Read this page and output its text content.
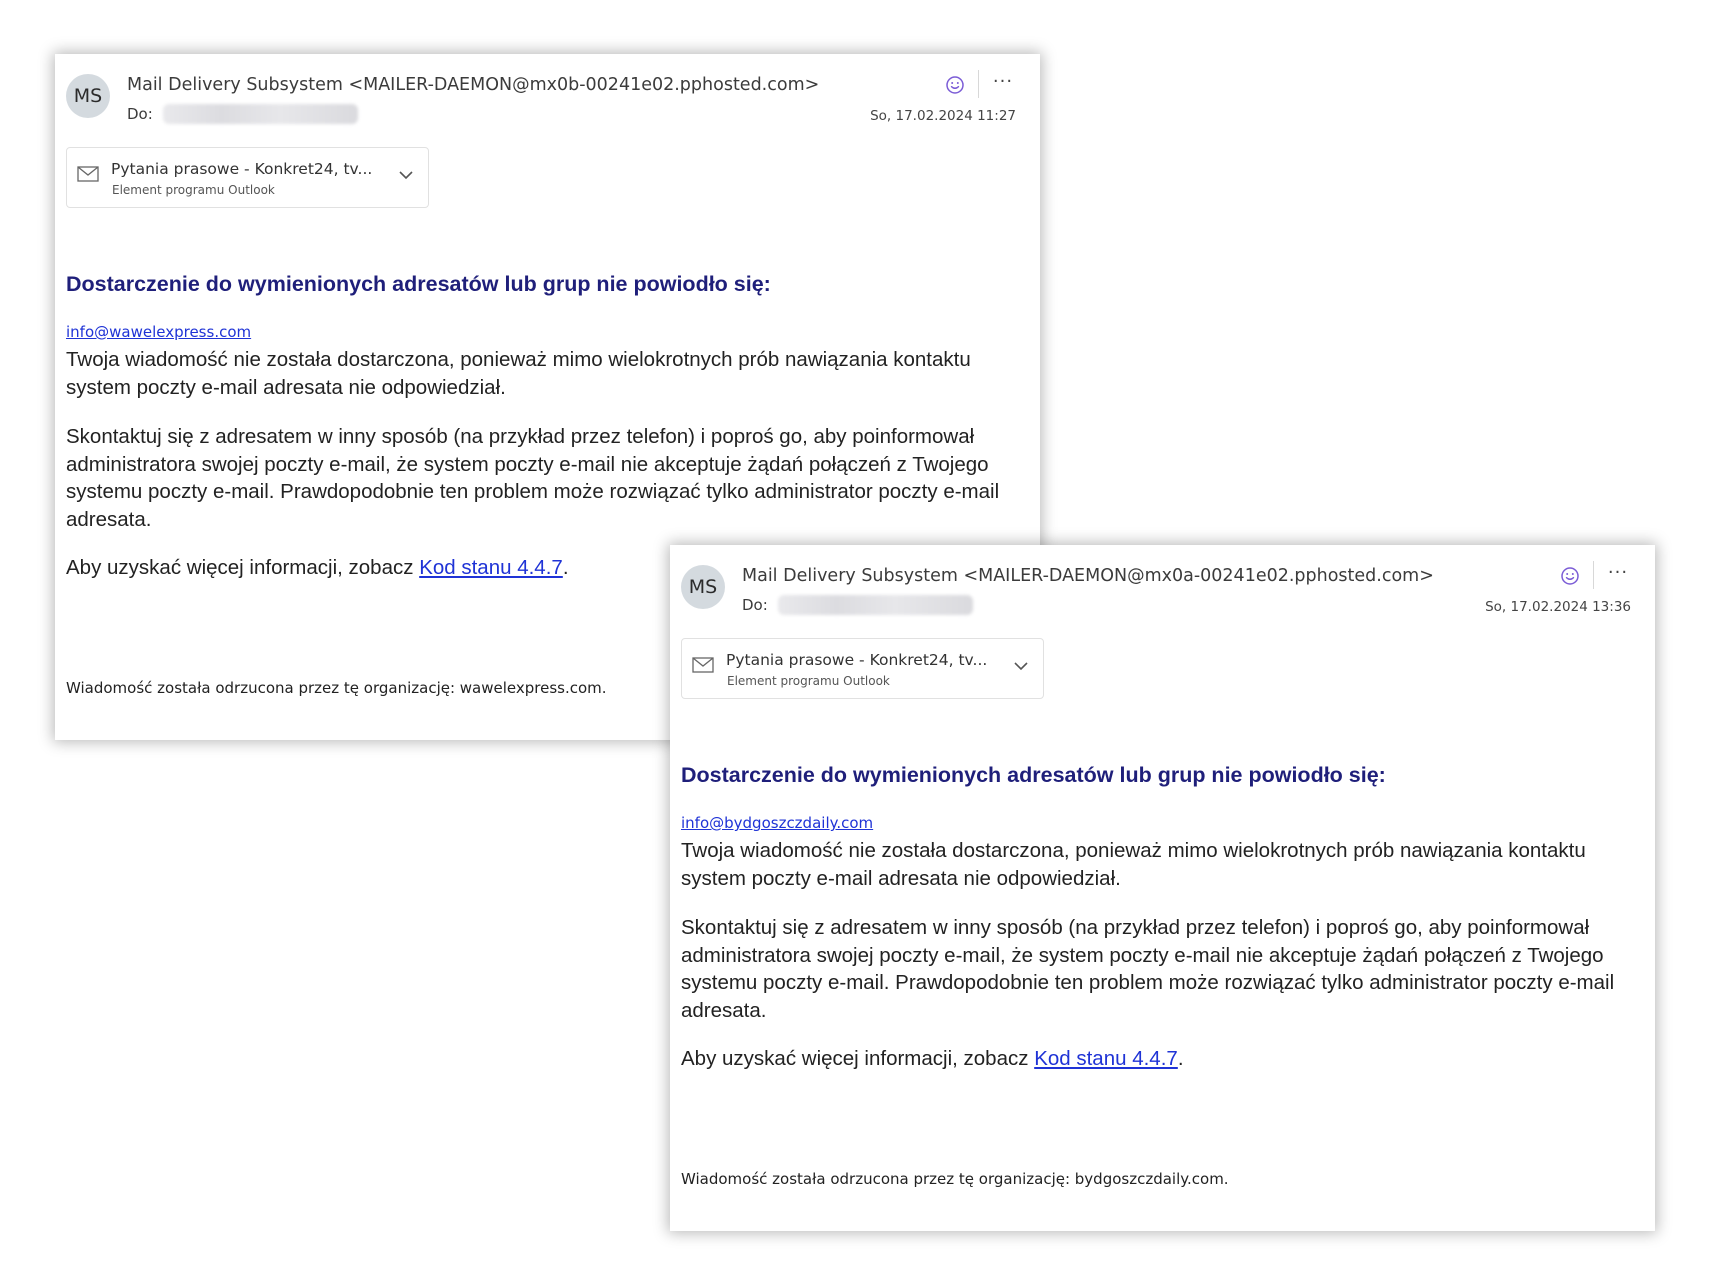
MS	Mail Delivery Subsystem <MAILER-DAEMON@mx0b-00241e02.pphosted.com>
Do:
···
So, 17.02.2024 11:27
Pytania prasowe - Konkret24, tv...
Element programu Outlook
Dostarczenie do wymienionych adresatów lub grup nie powiodło się:
info@wawelexpress.com
Twoja wiadomość nie została dostarczona, ponieważ mimo wielokrotnych prób nawiązania kontaktu system poczty e-mail adresata nie odpowiedział.
Skontaktuj się z adresatem w inny sposób (na przykład przez telefon) i poproś go, aby poinformował administratora swojej poczty e-mail, że system poczty e-mail nie akceptuje żądań połączeń z Twojego systemu poczty e-mail. Prawdopodobnie ten problem może rozwiązać tylko administrator poczty e-mail adresata.
Aby uzyskać więcej informacji, zobacz Kod stanu 4.4.7.
Wiadomość została odrzucona przez tę organizację: wawelexpress.com.
MS	Mail Delivery Subsystem <MAILER-DAEMON@mx0a-00241e02.pphosted.com>
Do:
···
So, 17.02.2024 13:36
Pytania prasowe - Konkret24, tv...
Element programu Outlook
Dostarczenie do wymienionych adresatów lub grup nie powiodło się:
info@bydgoszczdaily.com
Twoja wiadomość nie została dostarczona, ponieważ mimo wielokrotnych prób nawiązania kontaktu system poczty e-mail adresata nie odpowiedział.
Skontaktuj się z adresatem w inny sposób (na przykład przez telefon) i poproś go, aby poinformował administratora swojej poczty e-mail, że system poczty e-mail nie akceptuje żądań połączeń z Twojego systemu poczty e-mail. Prawdopodobnie ten problem może rozwiązać tylko administrator poczty e-mail adresata.
Aby uzyskać więcej informacji, zobacz Kod stanu 4.4.7.
Wiadomość została odrzucona przez tę organizację: bydgoszczdaily.com.
